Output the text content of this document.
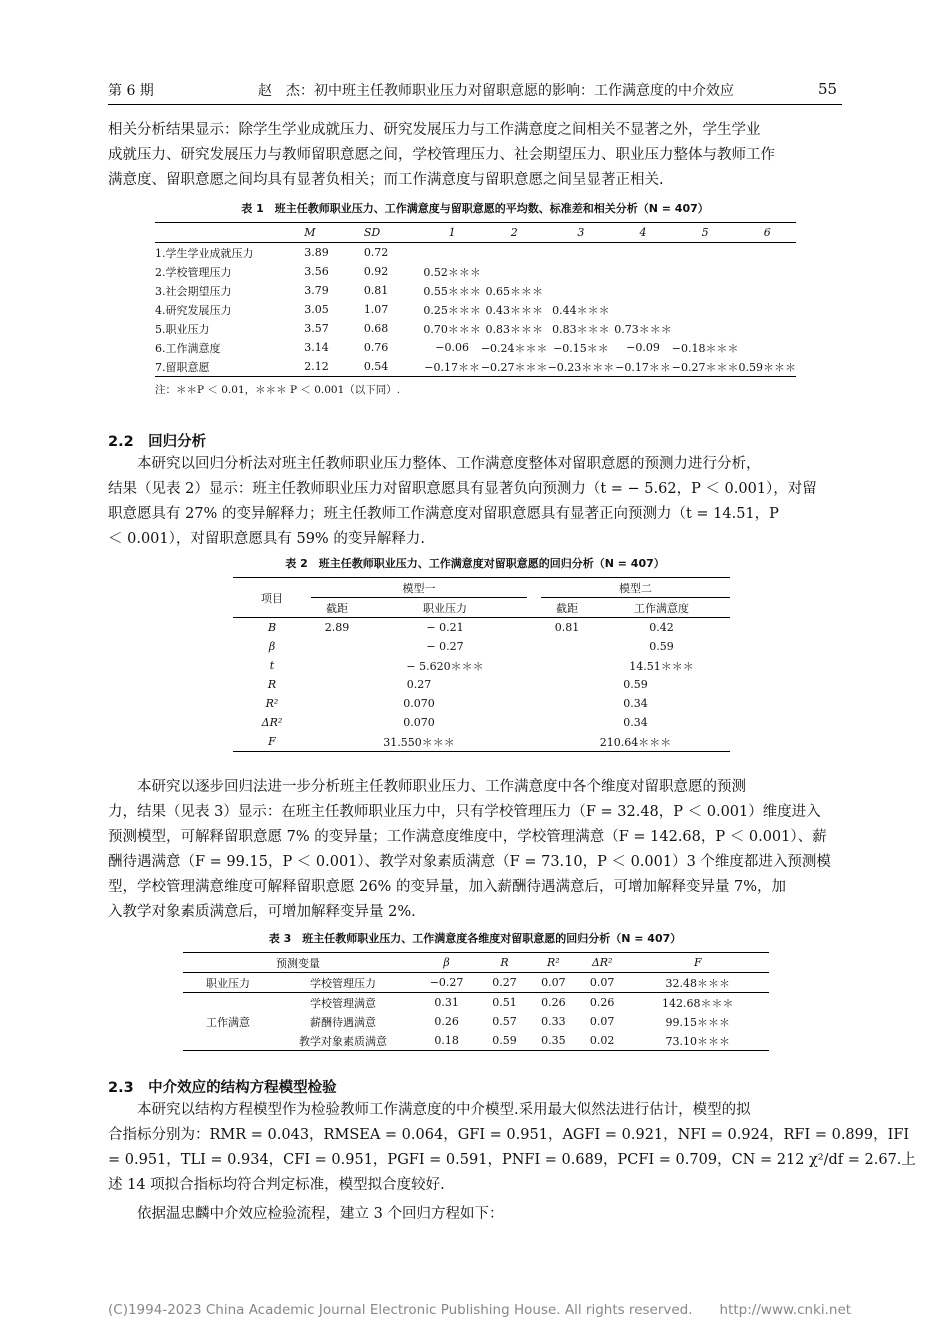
第 6 期	赵　杰：初中班主任教师职业压力对留职意愿的影响：工作满意度的中介效应	55

相关分析结果显示：除学生学业成就压力、研究发展压力与工作满意度之间相关不显著之外，学生学业
成就压力、研究发展压力与教师留职意愿之间，学校管理压力、社会期望压力、职业压力整体与教师工作
满意度、留职意愿之间均具有显著负相关；而工作满意度与留职意愿之间呈显著正相关.

表 1　班主任教师职业压力、工作满意度与留职意愿的平均数、标准差和相关分析（N = 407）
	M	SD	1	2	3	4	5	6
1.学生学业成就压力	3.89	0.72						
2.学校管理压力	3.56	0.92	0.52＊＊＊					
3.社会期望压力	3.79	0.81	0.55＊＊＊	0.65＊＊＊				
4.研究发展压力	3.05	1.07	0.25＊＊＊	0.43＊＊＊	0.44＊＊＊			
5.职业压力	3.57	0.68	0.70＊＊＊	0.83＊＊＊	0.83＊＊＊	0.73＊＊＊		
6.工作满意度	3.14	0.76	−0.06	−0.24＊＊＊	−0.15＊＊	−0.09	−0.18＊＊＊	
7.留职意愿	2.12	0.54	−0.17＊＊	−0.27＊＊＊	−0.23＊＊＊	−0.17＊＊	−0.27＊＊＊	0.59＊＊＊
注：＊＊P ＜ 0.01，＊＊＊ P ＜ 0.001（以下同）.
2.2　回归分析

　　本研究以回归分析法对班主任教师职业压力整体、工作满意度整体对留职意愿的预测力进行分析，
结果（见表 2）显示：班主任教师职业压力对留职意愿具有显著负向预测力（t = − 5.62，P ＜ 0.001），对留
职意愿具有 27% 的变异解释力；班主任教师工作满意度对留职意愿具有显著正向预测力（t = 14.51，P
＜ 0.001），对留职意愿具有 59% 的变异解释力.

表 2　班主任教师职业压力、工作满意度对留职意愿的回归分析（N = 407）
项目	模型一			模型二	
	截距	职业压力		截距	工作满意度
B	2.89	− 0.21		0.81	0.42
β		− 0.27			0.59
t		− 5.620＊＊＊			14.51＊＊＊
R	0.27			0.59	
R²	0.070			0.34	
ΔR²	0.070			0.34	
F	31.550＊＊＊			210.64＊＊＊	

　　本研究以逐步回归法进一步分析班主任教师职业压力、工作满意度中各个维度对留职意愿的预测
力，结果（见表 3）显示：在班主任教师职业压力中，只有学校管理压力（F = 32.48，P ＜ 0.001）维度进入
预测模型，可解释留职意愿 7% 的变异量；工作满意度维度中，学校管理满意（F = 142.68，P ＜ 0.001）、薪
酬待遇满意（F = 99.15，P ＜ 0.001）、教学对象素质满意（F = 73.10，P ＜ 0.001）3 个维度都进入预测模
型，学校管理满意维度可解释留职意愿 26% 的变异量，加入薪酬待遇满意后，可增加解释变异量 7%，加
入教学对象素质满意后，可增加解释变异量 2%.

表 3　班主任教师职业压力、工作满意度各维度对留职意愿的回归分析（N = 407）
预测变量		β	R	R²	ΔR²	F
职业压力	学校管理压力	−0.27	0.27	0.07	0.07	32.48＊＊＊
工作满意	学校管理满意	0.31	0.51	0.26	0.26	142.68＊＊＊
	薪酬待遇满意	0.26	0.57	0.33	0.07	99.15＊＊＊
	教学对象素质满意	0.18	0.59	0.35	0.02	73.10＊＊＊
2.3　中介效应的结构方程模型检验

　　本研究以结构方程模型作为检验教师工作满意度的中介模型.采用最大似然法进行估计，模型的拟
合指标分别为：RMR = 0.043，RMSEA = 0.064，GFI = 0.951，AGFI = 0.921，NFI = 0.924，RFI = 0.899，IFI
= 0.951，TLI = 0.934，CFI = 0.951，PGFI = 0.591，PNFI = 0.689，PCFI = 0.709，CN = 212 χ²/df = 2.67.上
述 14 项拟合指标均符合判定标准，模型拟合度较好.
　　依据温忠麟中介效应检验流程，建立 3 个回归方程如下：

(C)1994-2023 China Academic Journal Electronic Publishing House. All rights reserved.　　http://www.cnki.net
